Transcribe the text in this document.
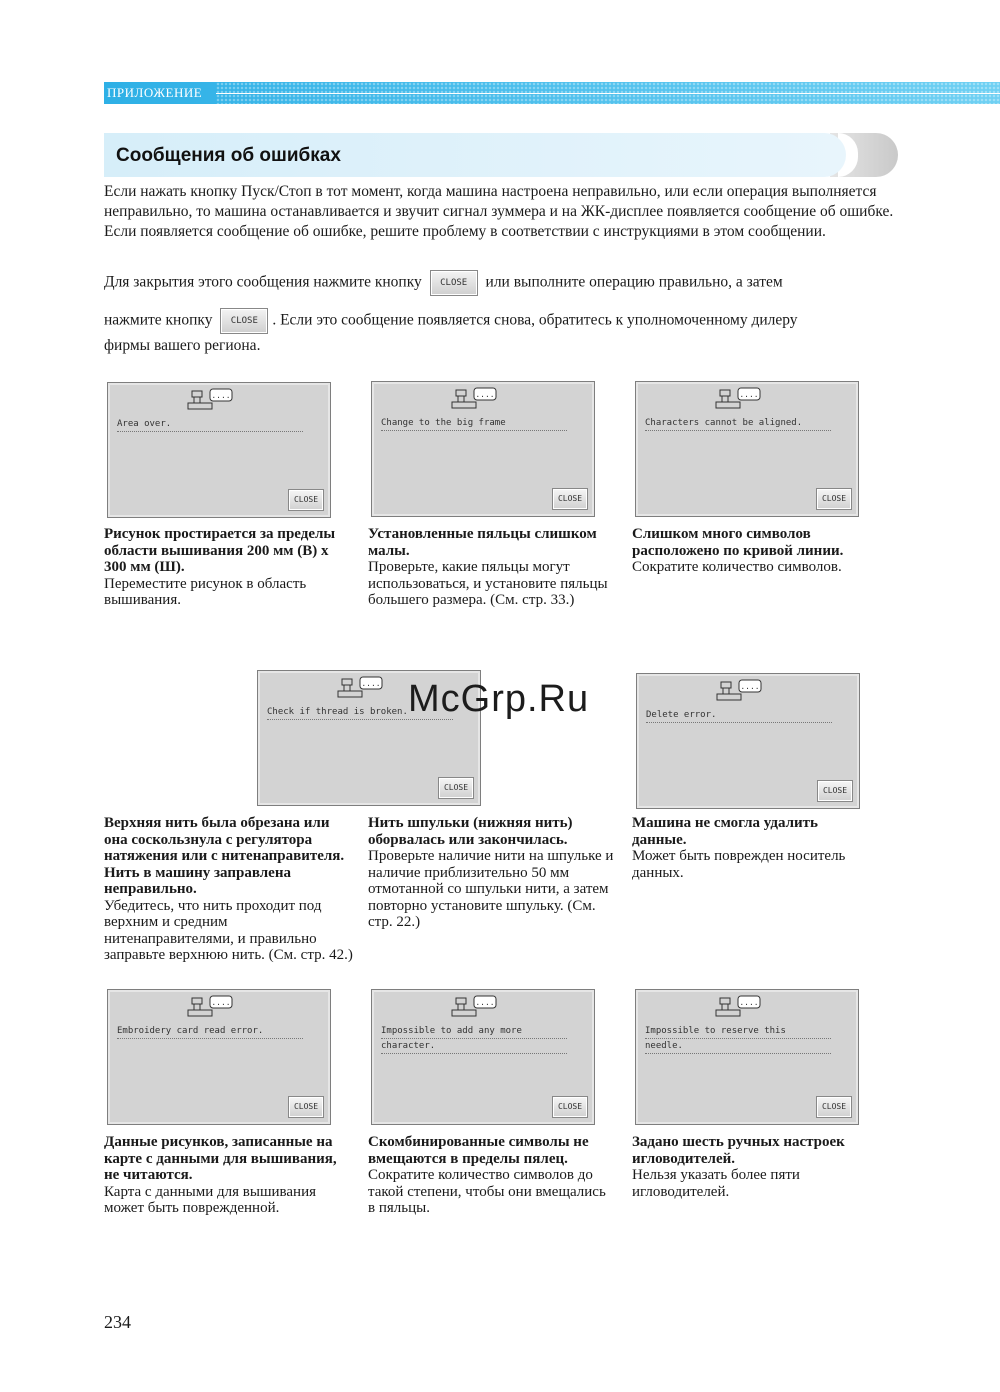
ПРИЛОЖЕНИЕ
Сообщения об ошибках

Если нажать кнопку Пуск/Стоп в тот момент, когда машина настроена неправильно, или если операция выполняется неправильно, то машина останавливается и звучит сигнал зуммера и на ЖК-дисплее появляется сообщение об ошибке. Если появляется сообщение об ошибке, решите проблему в соответствии с инструкциями в этом сообщении.

Для закрытия этого сообщения нажмите кнопку CLOSE или выполните операцию правильно, а затем
нажмите кнопку CLOSE . Если это сообщение появляется снова, обратитесь к уполномоченному дилеру
фирмы вашего региона.
....
Area over.
CLOSE
....
Change to the big frame
CLOSE
....
Characters cannot be aligned.
CLOSE
Рисунок простирается за пределы области вышивания 200 мм (В) х 300 мм (Ш).
Переместите рисунок в область вышивания.
Установленные пяльцы слишком малы.
Проверьте, какие пяльцы могут использоваться, и установите пяльцы большего размера. (См. стр. 33.)
Слишком много символов расположено по кривой линии.
Сократите количество символов.
....
Check if thread is broken.
CLOSE
....
Delete error.
CLOSE
McGrp.Ru
Верхняя нить была обрезана или она соскользнула с регулятора натяжения или с нитенаправителя. Нить в машину заправлена неправильно.
Убедитесь, что нить проходит под верхним и средним нитенаправителями, и правильно заправьте верхнюю нить. (См. стр. 42.)
Нить шпульки (нижняя нить) оборвалась или закончилась.
Проверьте наличие нити на шпульке и наличие приблизительно 50 мм отмотанной со шпульки нити, а затем повторно установите шпульку. (См. стр. 22.)
Машина не смогла удалить данные.
Может быть поврежден носитель данных.
....
Embroidery card read error.
CLOSE
....
Impossible to add any more
character.
CLOSE
....
Impossible to reserve this
needle.
CLOSE
Данные рисунков, записанные на карте с данными для вышивания, не читаются.
Карта с данными для вышивания может быть поврежденной.
Скомбинированные символы не вмещаются в пределы пялец.
Сократите количество символов до такой степени, чтобы они вмещались в пяльцы.
Задано шесть ручных настроек игловодителей.
Нельзя указать более пяти игловодителей.
234
